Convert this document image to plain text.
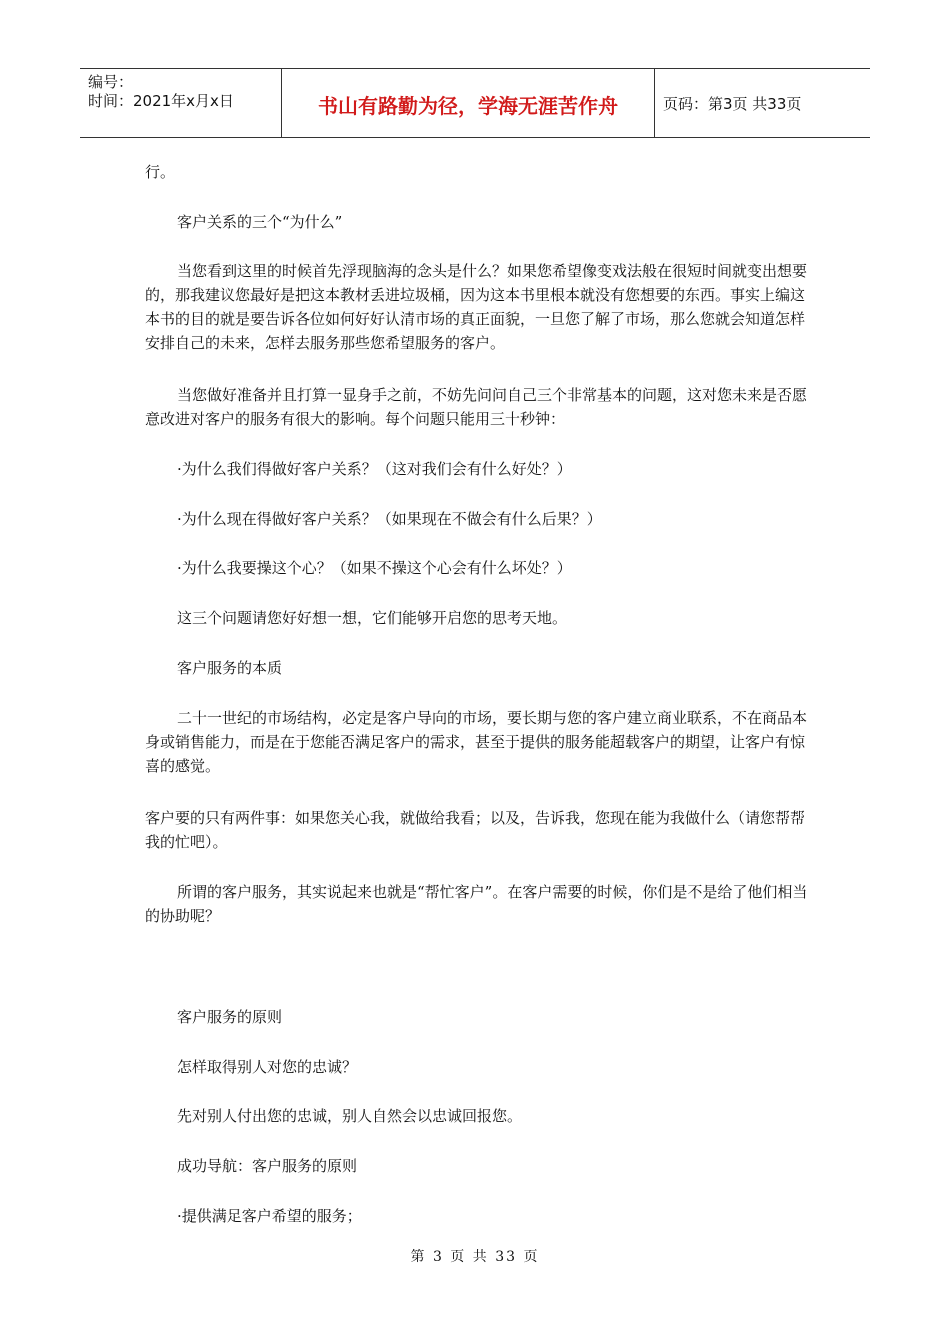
编号：
时间：2021年x月x日	书山有路勤为径，学海无涯苦作舟	页码：第3页 共33页

行。

客户关系的三个“为什么”

当您看到这里的时候首先浮现脑海的念头是什么？如果您希望像变戏法般在很短时间就变出想要的，那我建议您最好是把这本教材丢进垃圾桶，因为这本书里根本就没有您想要的东西。事实上编这本书的目的就是要告诉各位如何好好认清市场的真正面貌，一旦您了解了市场，那么您就会知道怎样安排自己的未来，怎样去服务那些您希望服务的客户。

当您做好准备并且打算一显身手之前，不妨先问问自己三个非常基本的问题，这对您未来是否愿意改进对客户的服务有很大的影响。每个问题只能用三十秒钟：

·为什么我们得做好客户关系？（这对我们会有什么好处？）

·为什么现在得做好客户关系？（如果现在不做会有什么后果？）

·为什么我要操这个心？（如果不操这个心会有什么坏处？）

这三个问题请您好好想一想，它们能够开启您的思考天地。

客户服务的本质

二十一世纪的市场结构，必定是客户导向的市场，要长期与您的客户建立商业联系，不在商品本身或销售能力，而是在于您能否满足客户的需求，甚至于提供的服务能超载客户的期望，让客户有惊喜的感觉。

客户要的只有两件事：如果您关心我，就做给我看；以及，告诉我，您现在能为我做什么（请您帮帮我的忙吧）。

所谓的客户服务，其实说起来也就是“帮忙客户”。在客户需要的时候，你们是不是给了他们相当的协助呢？

客户服务的原则

怎样取得别人对您的忠诚？

先对别人付出您的忠诚，别人自然会以忠诚回报您。

成功导航：客户服务的原则

·提供满足客户希望的服务；

第 3 页 共 33 页
